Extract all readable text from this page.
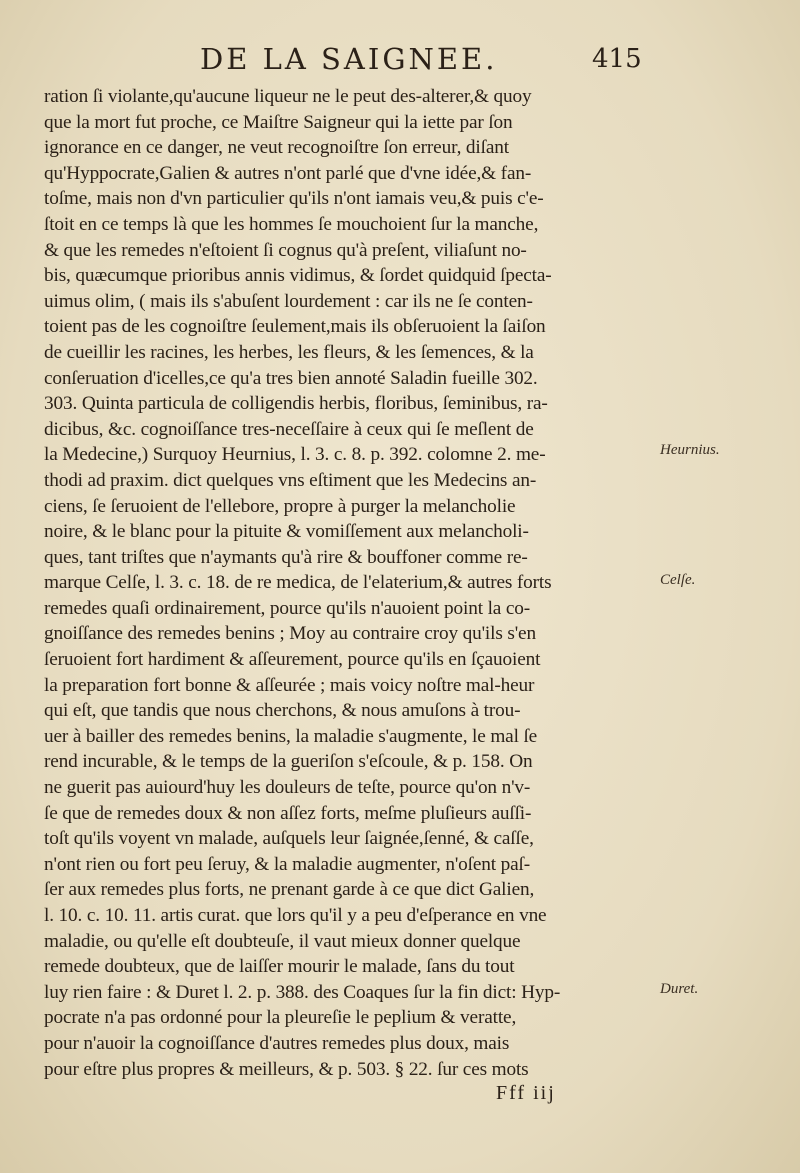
DE LA SAIGNEE.	415
ration ſi violante,qu'aucune liqueur ne le peut des-alterer,& quoy
que la mort fut proche, ce Maiſtre Saigneur qui la iette par ſon
ignorance en ce danger, ne veut recognoiſtre ſon erreur, diſant
qu'Hyppocrate,Galien & autres n'ont parlé que d'vne idée,& fan-
toſme, mais non d'vn particulier qu'ils n'ont iamais veu,& puis c'e-
ſtoit en ce temps là que les hommes ſe mouchoient ſur la manche,
& que les remedes n'eſtoient ſi cognus qu'à preſent, viliaſunt no-
bis, quæcumque prioribus annis vidimus, & ſordet quidquid ſpecta-
uimus olim, ( mais ils s'abuſent lourdement : car ils ne ſe conten-
toient pas de les cognoiſtre ſeulement,mais ils obſeruoient la ſaiſon
de cueillir les racines, les herbes, les fleurs, & les ſemences, & la
conſeruation d'icelles,ce qu'a tres bien annoté Saladin fueille 302.
303. Quinta particula de colligendis herbis, floribus, ſeminibus, ra-
dicibus, &c. cognoiſſance tres-neceſſaire à ceux qui ſe meſlent de
la Medecine,) Surquoy Heurnius, l. 3. c. 8. p. 392. colomne 2. me-
thodi ad praxim. dict quelques vns eſtiment que les Medecins an-
ciens, ſe ſeruoient de l'ellebore, propre à purger la melancholie
noire, & le blanc pour la pituite & vomiſſement aux melancholi-
ques, tant triſtes que n'aymants qu'à rire & bouffoner comme re-
marque Celſe, l. 3. c. 18. de re medica, de l'elaterium,& autres forts
remedes quaſi ordinairement, pource qu'ils n'auoient point la co-
gnoiſſance des remedes benins ; Moy au contraire croy qu'ils s'en
ſeruoient fort hardiment & aſſeurement, pource qu'ils en ſçauoient
la preparation fort bonne & aſſeurée ; mais voicy noſtre mal-heur
qui eſt, que tandis que nous cherchons, & nous amuſons à trou-
uer à bailler des remedes benins, la maladie s'augmente, le mal ſe
rend incurable, & le temps de la gueriſon s'eſcoule, & p. 158. On
ne guerit pas auiourd'huy les douleurs de teſte, pource qu'on n'v-
ſe que de remedes doux & non aſſez forts, meſme pluſieurs auſſi-
toſt qu'ils voyent vn malade, auſquels leur ſaignée,ſenné, & caſſe,
n'ont rien ou fort peu ſeruy, & la maladie augmenter, n'oſent paſ-
ſer aux remedes plus forts, ne prenant garde à ce que dict Galien,
l. 10. c. 10. 11. artis curat. que lors qu'il y a peu d'eſperance en vne
maladie, ou qu'elle eſt doubteuſe, il vaut mieux donner quelque
remede doubteux, que de laiſſer mourir le malade, ſans du tout
luy rien faire : & Duret l. 2. p. 388. des Coaques ſur la fin dict: Hyp-
pocrate n'a pas ordonné pour la pleureſie le peplium & veratte,
pour n'auoir la cognoiſſance d'autres remedes plus doux, mais
pour eſtre plus propres & meilleurs, & p. 503. § 22. ſur ces mots
Heurnius.
Celſe.
Duret.
Fff iij
